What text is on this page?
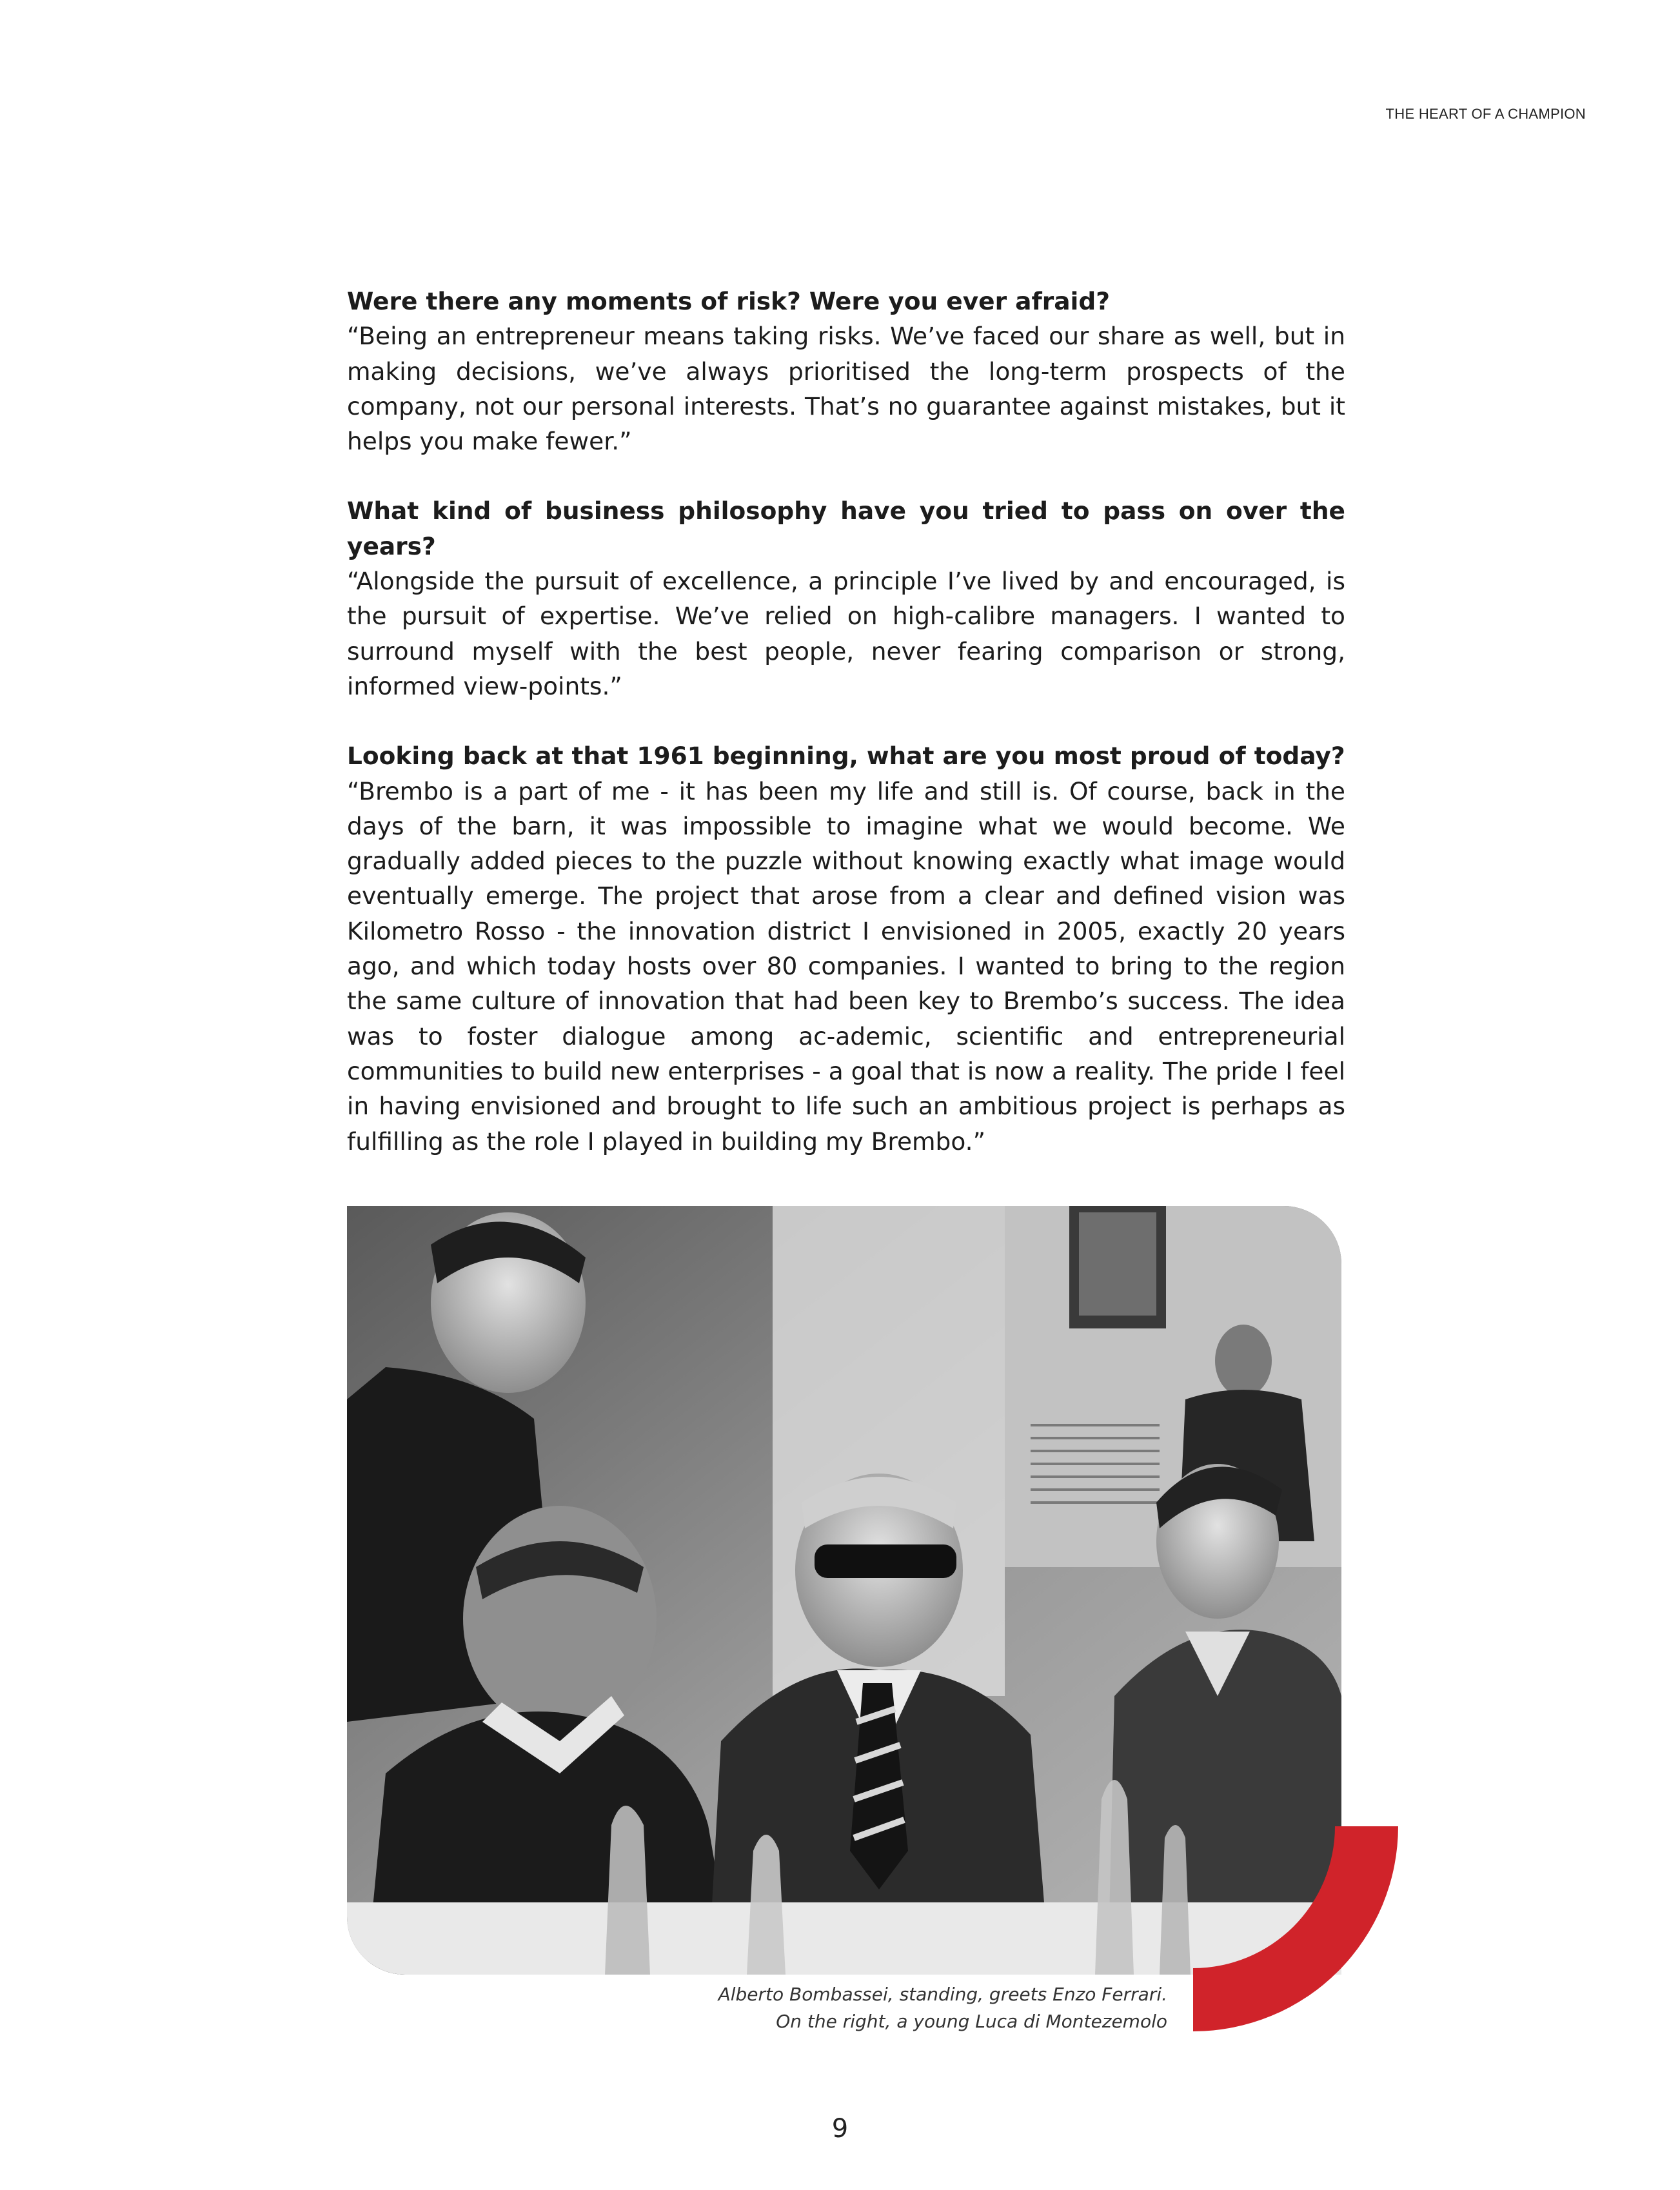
THE HEART OF A CHAMPION
Were there any moments of risk? Were you ever afraid?
“Being an entrepreneur means taking risks. We’ve faced our share as well, but in making decisions, we’ve always prioritised the long-term prospects of the company, not our personal interests. That’s no guarantee against mistakes, but it helps you make fewer.”
What kind of business philosophy have you tried to pass on over the years?
“Alongside the pursuit of excellence, a principle I’ve lived by and encouraged, is the pursuit of expertise. We’ve relied on high-calibre managers. I wanted to surround myself with the best people, never fearing comparison or strong, informed view-points.”
Looking back at that 1961 beginning, what are you most proud of today?
“Brembo is a part of me - it has been my life and still is. Of course, back in the days of the barn, it was impossible to imagine what we would become. We gradually added pieces to the puzzle without knowing exactly what image would eventually emerge. The project that arose from a clear and defined vision was Kilometro Rosso - the innovation district I envisioned in 2005, exactly 20 years ago, and which today hosts over 80 companies. I wanted to bring to the region the same culture of innovation that had been key to Brembo’s success. The idea was to foster dialogue among ac-ademic, scientific and entrepreneurial communities to build new enterprises - a goal that is now a reality. The pride I feel in having envisioned and brought to life such an ambitious project is perhaps as fulfilling as the role I played in building my Brembo.”
Alberto Bombassei, standing, greets Enzo Ferrari.
On the right, a young Luca di Montezemolo
9
